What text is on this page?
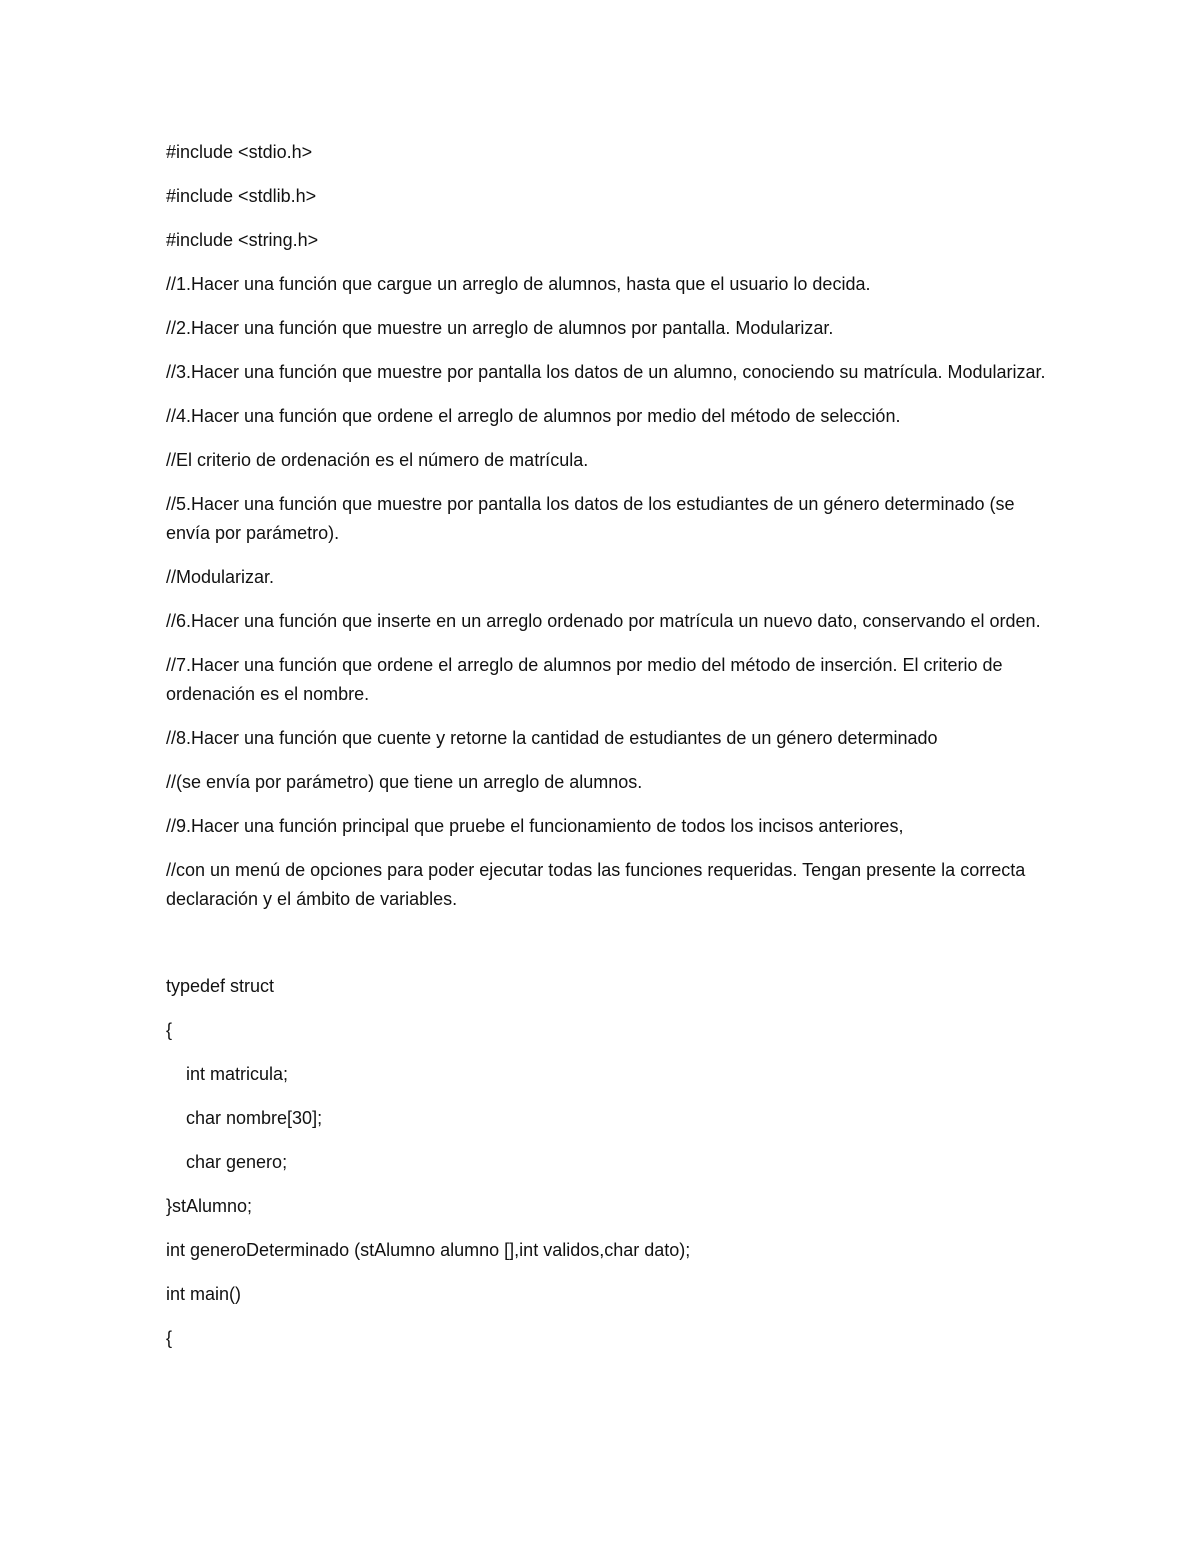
#include <stdio.h>

#include <stdlib.h>

#include <string.h>

//1.Hacer una función que cargue un arreglo de alumnos, hasta que el usuario lo decida.

//2.Hacer una función que muestre un arreglo de alumnos por pantalla. Modularizar.

//3.Hacer una función que muestre por pantalla los datos de un alumno, conociendo su matrícula. Modularizar.

//4.Hacer una función que ordene el arreglo de alumnos por medio del método de selección.

//El criterio de ordenación es el número de matrícula.

//5.Hacer una función que muestre por pantalla los datos de los estudiantes de un género determinado (se envía por parámetro).

//Modularizar.

//6.Hacer una función que inserte en un arreglo ordenado por matrícula un nuevo dato, conservando el orden.

//7.Hacer una función que ordene el arreglo de alumnos por medio del método de inserción. El criterio de ordenación es el nombre.

//8.Hacer una función que cuente y retorne la cantidad de estudiantes de un género determinado

//(se envía por parámetro) que tiene un arreglo de alumnos.

//9.Hacer una función principal que pruebe el funcionamiento de todos los incisos anteriores,

//con un menú de opciones para poder ejecutar todas las funciones requeridas. Tengan presente la correcta declaración y el ámbito de variables.

typedef struct

{

int matricula;

char nombre[30];

char genero;

}stAlumno;

int generoDeterminado (stAlumno alumno [],int validos,char dato);

int main()

{
